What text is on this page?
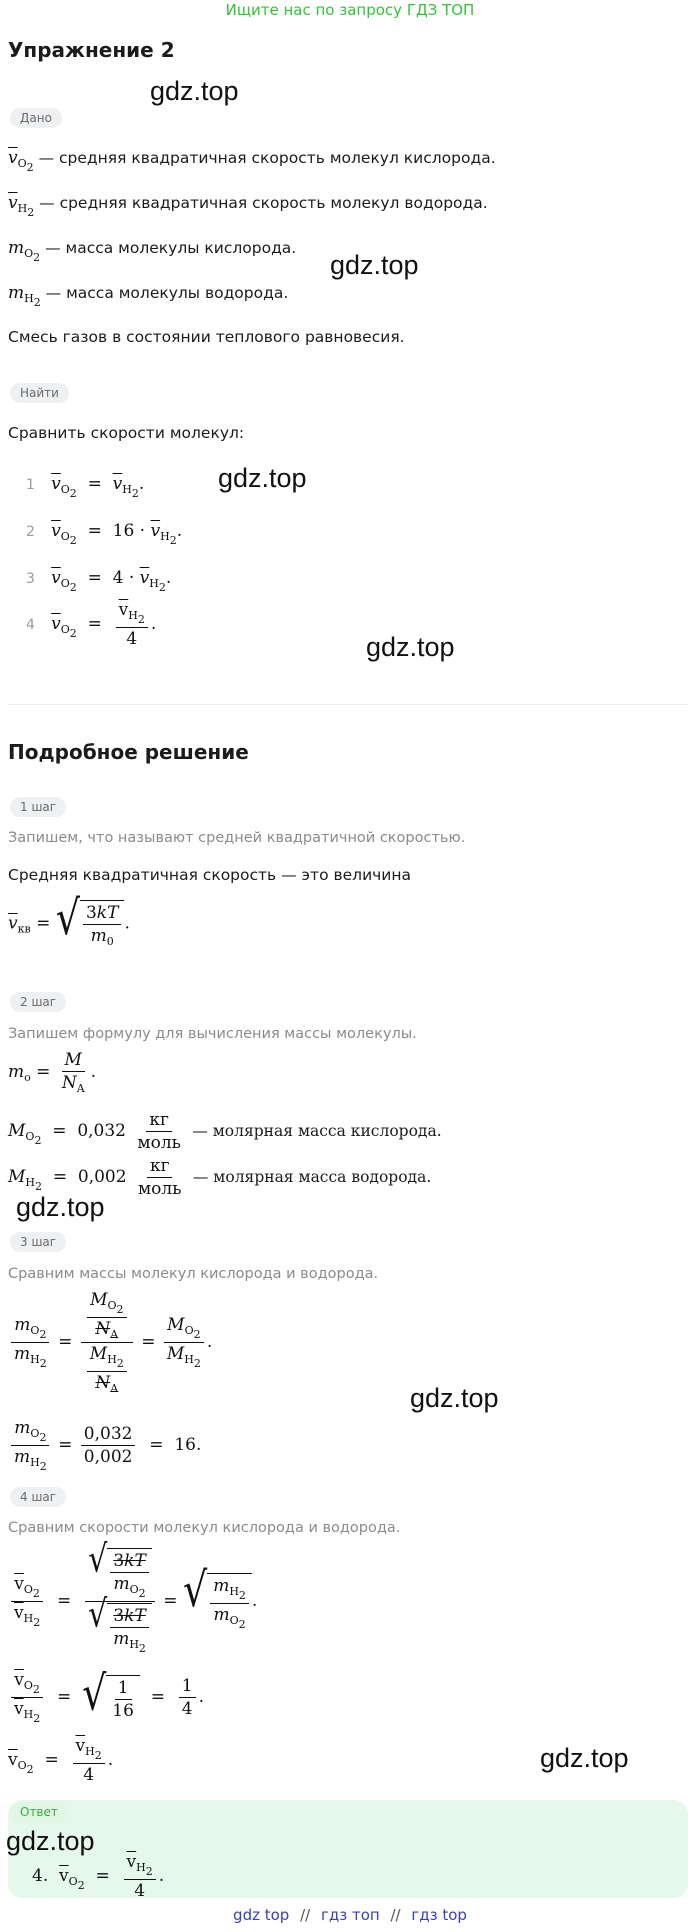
Ищите нас по запросу ГДЗ ТОП
Упражнение 2
gdz.top
Дано
$\overline{v}_{O_2}$ — средняя квадратичная скорость молекул кислорода.
$\overline{v}_{H_2}$ — средняя квадратичная скорость молекул водорода.
$m_{O_2}$ — масса молекулы кислорода.
gdz.top
$m_{H_2}$ — масса молекулы водорода.
Смесь газов в состоянии теплового равновесия.
Найти
Сравнить скорости молекул:
1 $\overline{v}_{O_2} = \overline{v}_{H_2}$.	gdz.top
2 $\overline{v}_{O_2} = 16 \cdot \overline{v}_{H_2}$.
3 $\overline{v}_{O_2} = 4 \cdot \overline{v}_{H_2}$.
4 $\overline{v}_{O_2} = \frac{\overline{v}_{H_2}}{4}$ .
gdz.top
Подробное решение
1 шаг
Запишем, что называют средней квадратичной скоростью.
Средняя квадратичная скорость — это величина
$\overline{v}_{кв}$ = √ $\frac{3kT}{m_0}$ .
2 шаг
Запишем формулу для вычисления массы молекулы.
$m_o = \frac{M}{N_A}$ .
$M_{O_2} = 0,032$
кг
моль
— молярная масса кислорода.
$M_{H_2} = 0,002$
кг
моль
— молярная масса водорода.
gdz.top
3 шаг
Сравним массы молекул кислорода и водорода.
$\frac{m_{O_2}}{m_{H_2}} = \frac{\frac{M_{O_2}}{N_A}}{\frac{M_{H_2}}{N_A}} = \frac{M_{O_2}}{M_{H_2}}$ .
$\frac{m_{O_2}}{m_{H_2}} = \frac{0,032}{0,002} = 16$.
gdz.top
4 шаг
Сравним скорости молекул кислорода и водорода.
$\frac{\overline{v}_{O_2}}{\overline{v}_{H_2}}$ =
√ $\frac{3kT}{m_{O_2}}$
√ $\frac{3kT}{m_{H_2}}$
= √ $\frac{m_{H_2}}{m_{O_2}}$ .
$\frac{\overline{v}_{O_2}}{\overline{v}_{H_2}}$ = √ $\frac{1}{16} = \frac{1}{4}$ .
$\overline{v}_{O_2} = \frac{\overline{v}_{H_2}}{4}$ .	gdz.top
Ответ
gdz.top
4. $\overline{v}_{O_2} = \frac{\overline{v}_{H_2}}{4}$ .
gdz top // гдз топ // гдз top
